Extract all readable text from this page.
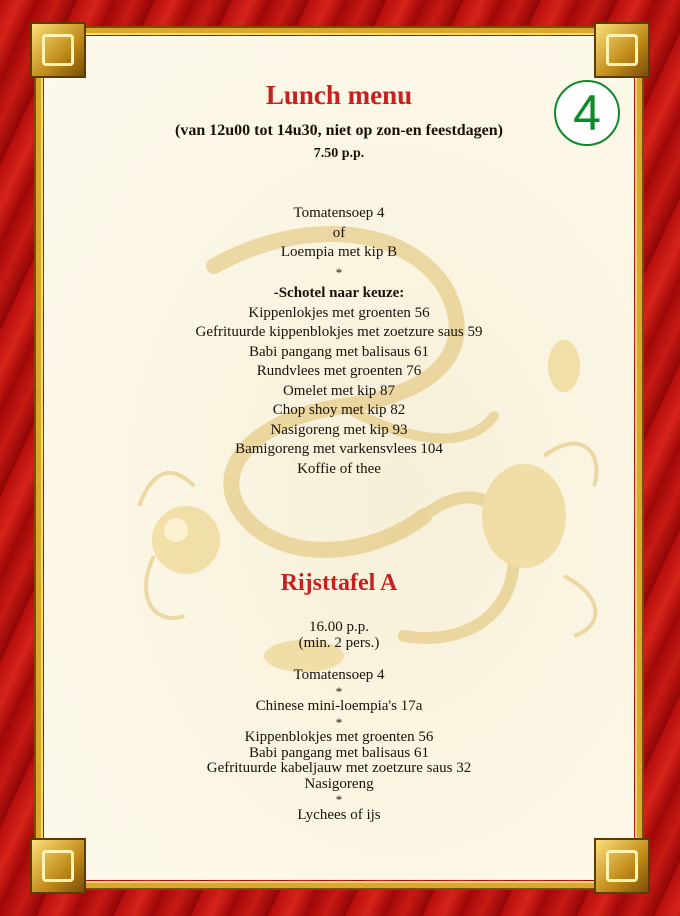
4
Lunch menu
(van 12u00 tot 14u30, niet op zon-en feestdagen)
7.50 p.p.
Tomatensoep 4
of
Loempia met kip B
*
-Schotel naar keuze:
Kippenlokjes met groenten 56
Gefrituurde kippenblokjes met zoetzure saus 59
Babi pangang met balisaus 61
Rundvlees met groenten 76
Omelet met kip 87
Chop shoy met kip 82
Nasigoreng met kip 93
Bamigoreng met varkensvlees 104
Koffie of thee
Rijsttafel A
16.00 p.p.
(min. 2 pers.)
Tomatensoep 4
*
Chinese mini-loempia's 17a
*
Kippenblokjes met groenten 56
Babi pangang met balisaus 61
Gefrituurde kabeljauw met zoetzure saus 32
Nasigoreng
*
Lychees of ijs
